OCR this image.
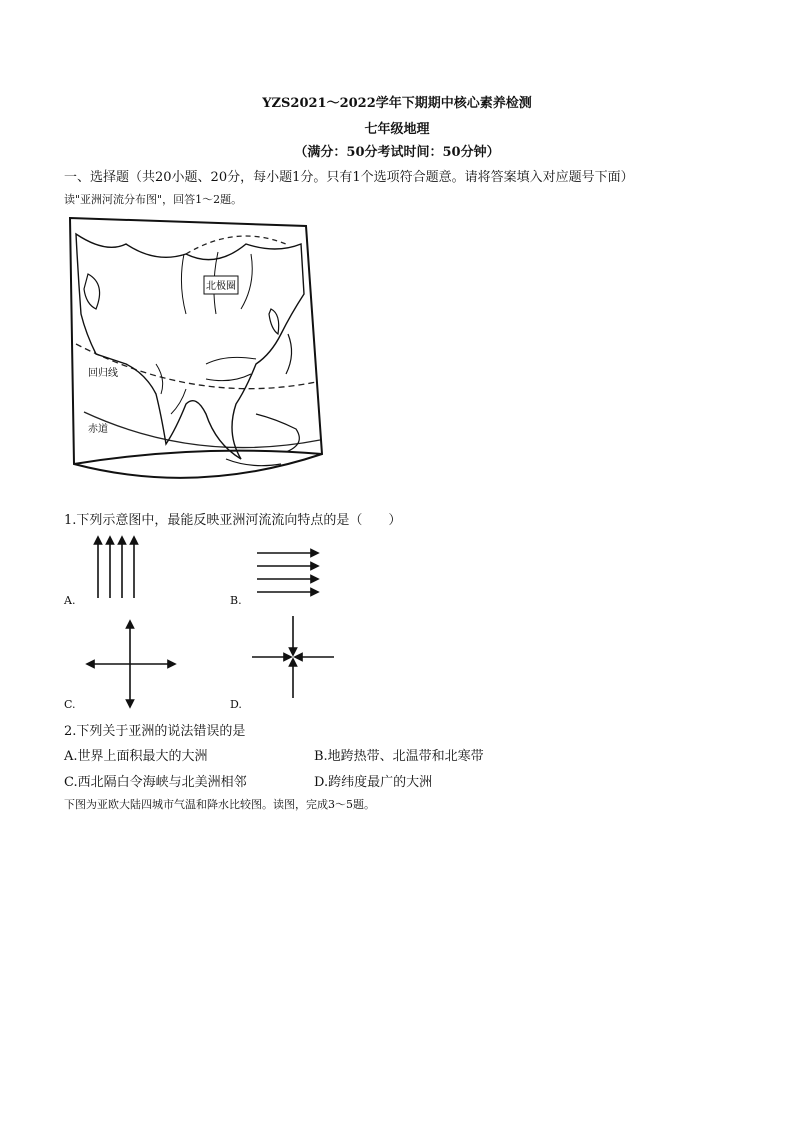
YZS2021～2022学年下期期中核心素养检测
七年级地理
（满分：50分考试时间：50分钟）
一、选择题（共20小题、20分，每小题1分。只有1个选项符合题意。请将答案填入对应题号下面）
读"亚洲河流分布图"，回答1～2题。
北极圈
回归线
赤道
1.下列示意图中，最能反映亚洲河流流向特点的是（　　）
A.	B.
C.	D.
2.下列关于亚洲的说法错误的是
A.世界上面积最大的大洲	B.地跨热带、北温带和北寒带
C.西北隔白令海峡与北美洲相邻	D.跨纬度最广的大洲
下图为亚欧大陆四城市气温和降水比较图。读图，完成3～5题。
